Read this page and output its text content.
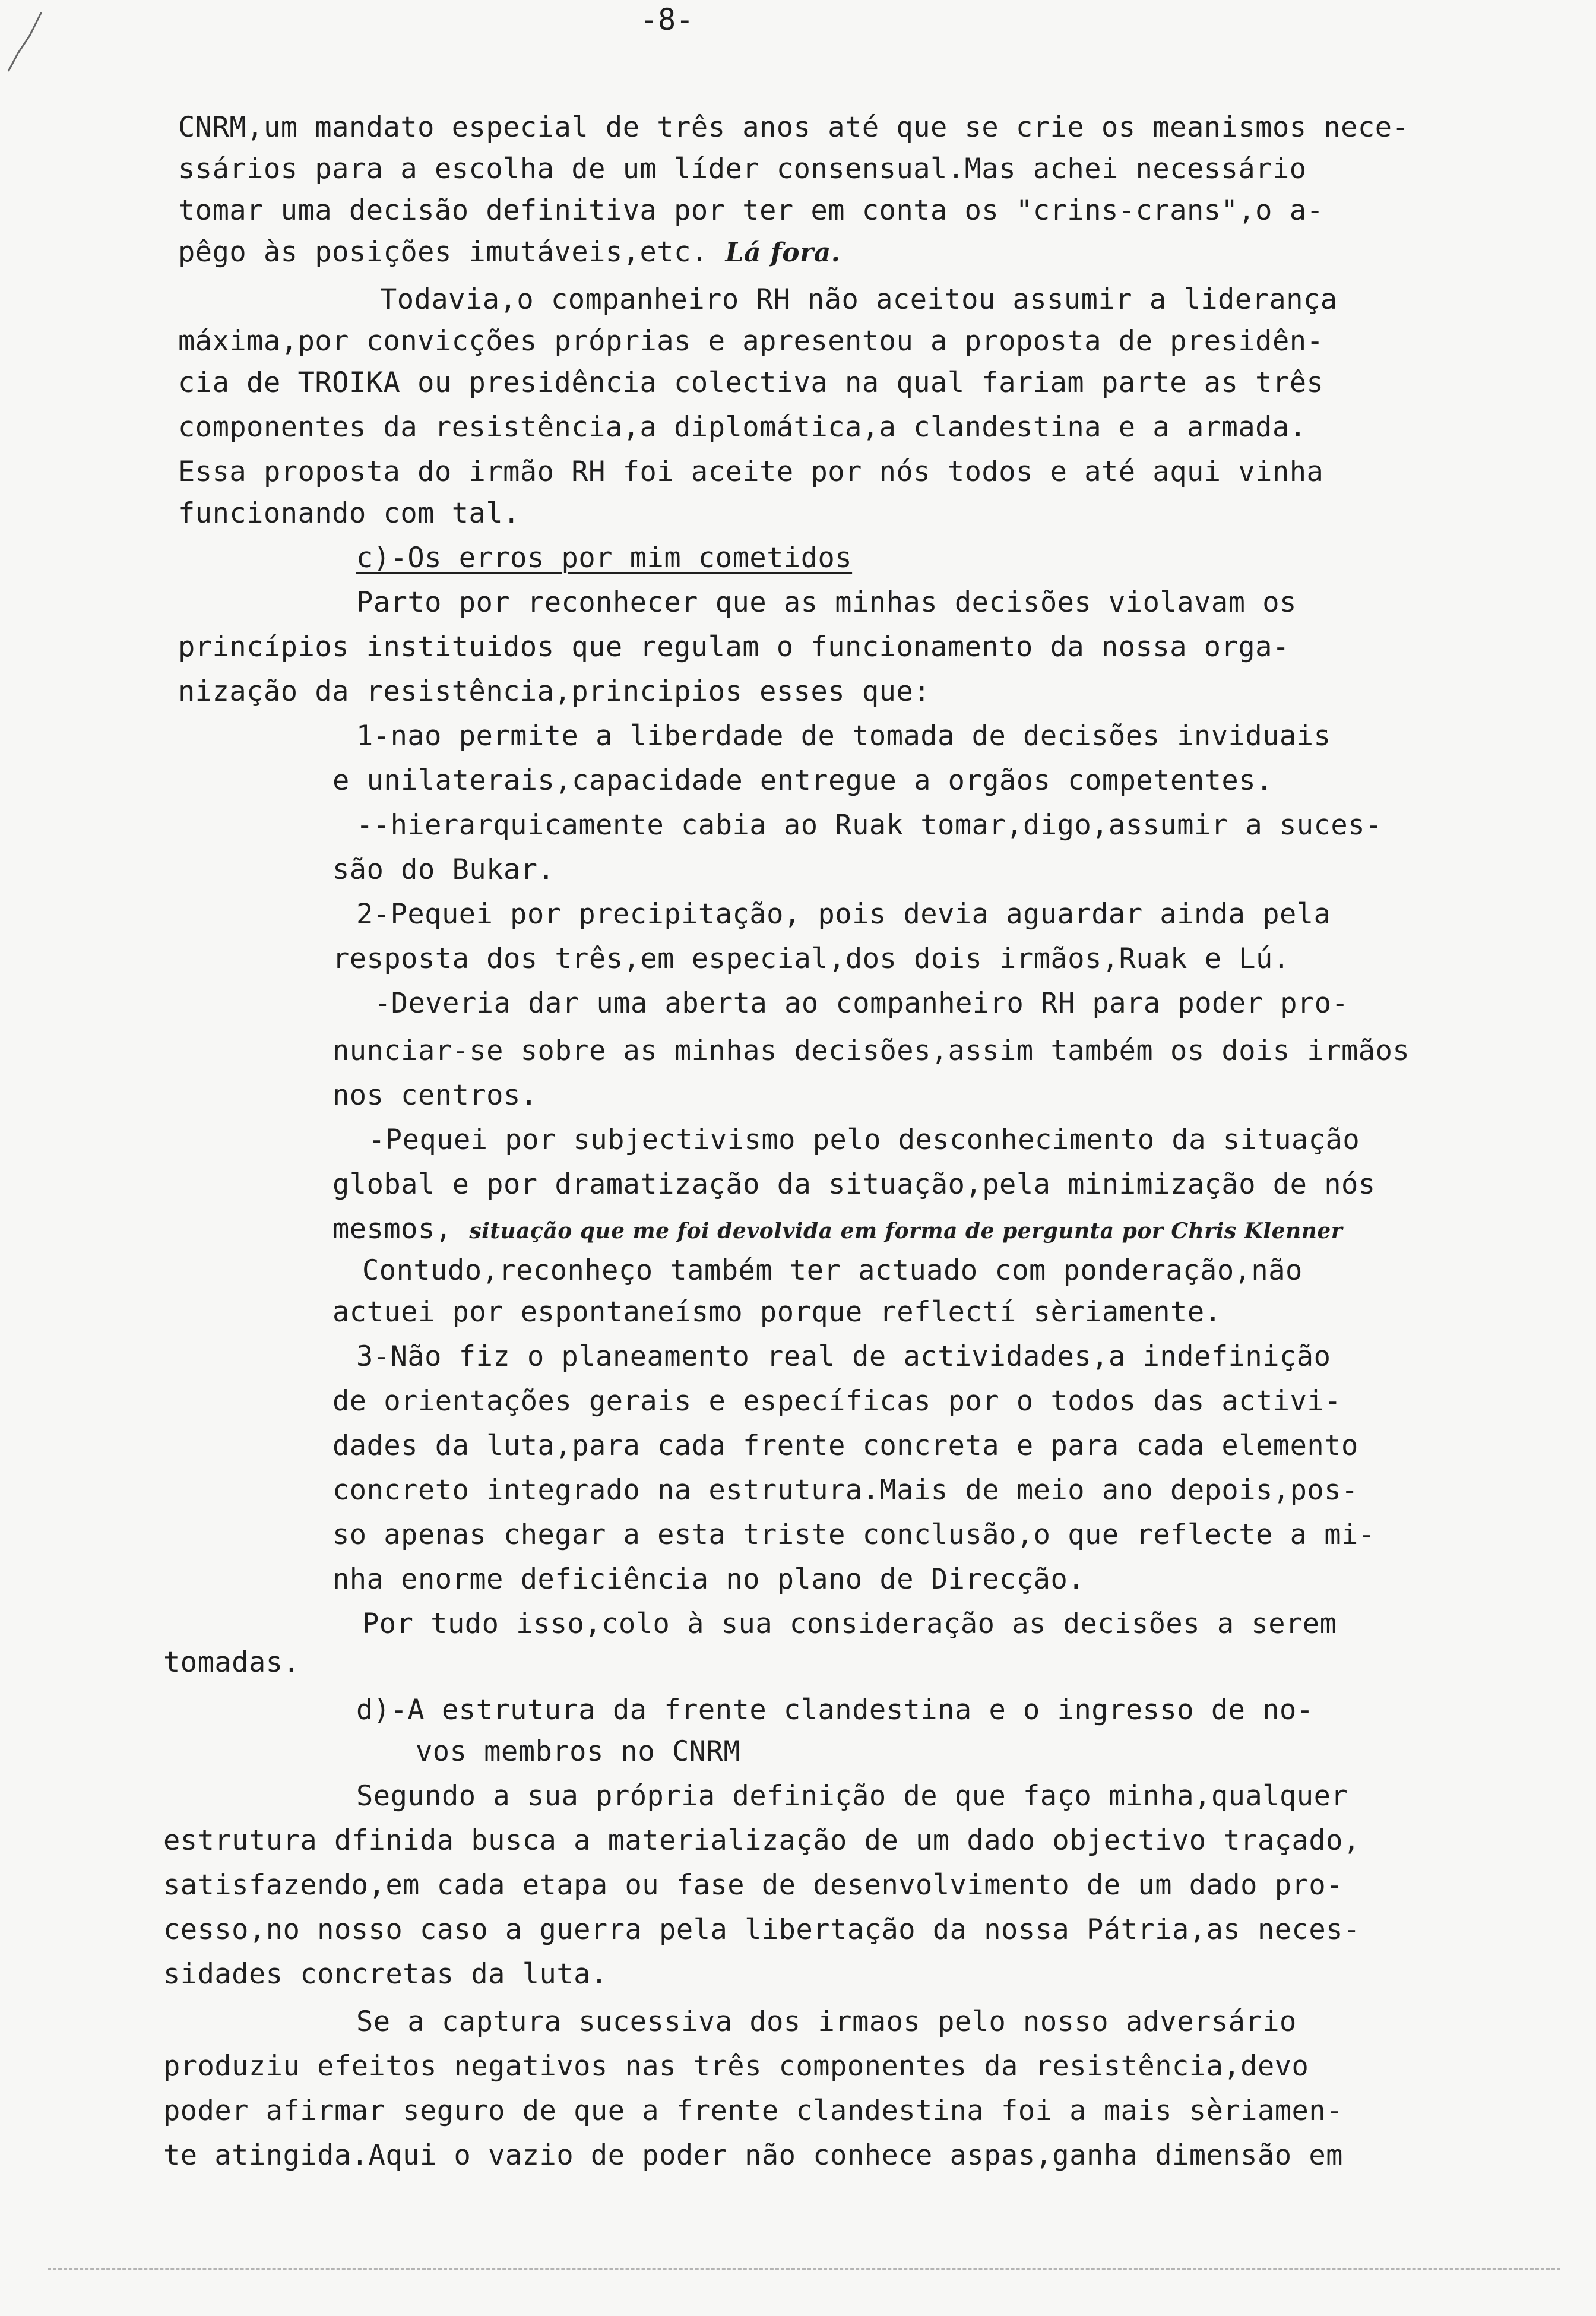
-8-
CNRM,um mandato especial de três anos até que se crie os meanismos nece-
ssários para a escolha de um líder consensual.Mas achei necessário
tomar uma decisão definitiva por ter em conta os "crins-crans",o a-
pêgo às posições imutáveis,etc. Lá fora.
Todavia,o companheiro RH não aceitou assumir a liderança
máxima,por convicções próprias e apresentou a proposta de presidên-
cia de TROIKA ou presidência colectiva na qual fariam parte as três
componentes da resistência,a diplomática,a clandestina e a armada.
Essa proposta do irmão RH foi aceite por nós todos e até aqui vinha
funcionando com tal.
c)-Os erros por mim cometidos
Parto por reconhecer que as minhas decisões violavam os
princípios instituidos que regulam o funcionamento da nossa orga-
nização da resistência,principios esses que:
1-nao permite a liberdade de tomada de decisões inviduais
e unilaterais,capacidade entregue a orgãos competentes.
--hierarquicamente cabia ao Ruak tomar,digo,assumir a suces-
são do Bukar.
2-Pequei por precipitação, pois devia aguardar ainda pela
resposta dos três,em especial,dos dois irmãos,Ruak e Lú.
-Deveria dar uma aberta ao companheiro RH para poder pro-
nunciar-se sobre as minhas decisões,assim também os dois irmãos
nos centros.
-Pequei por subjectivismo pelo desconhecimento da situação
global e por dramatização da situação,pela minimização de nós
mesmos, situação que me foi devolvida em forma de pergunta por Chris Klenner
Contudo,reconheço também ter actuado com ponderação,não
actuei por espontaneísmo porque reflectí sèriamente.
3-Não fiz o planeamento real de actividades,a indefinição
de orientações gerais e específicas por o todos das activi-
dades da luta,para cada frente concreta e para cada elemento
concreto integrado na estrutura.Mais de meio ano depois,pos-
so apenas chegar a esta triste conclusão,o que reflecte a mi-
nha enorme deficiência no plano de Direcção.
Por tudo isso,colo à sua consideração as decisões a serem
tomadas.
d)-A estrutura da frente clandestina e o ingresso de no-
vos membros no CNRM
Segundo a sua própria definição de que faço minha,qualquer
estrutura dfinida busca a materialização de um dado objectivo traçado,
satisfazendo,em cada etapa ou fase de desenvolvimento de um dado pro-
cesso,no nosso caso a guerra pela libertação da nossa Pátria,as neces-
sidades concretas da luta.
Se a captura sucessiva dos irmaos pelo nosso adversário
produziu efeitos negativos nas três componentes da resistência,devo
poder afirmar seguro de que a frente clandestina foi a mais sèriamen-
te atingida.Aqui o vazio de poder não conhece aspas,ganha dimensão em
